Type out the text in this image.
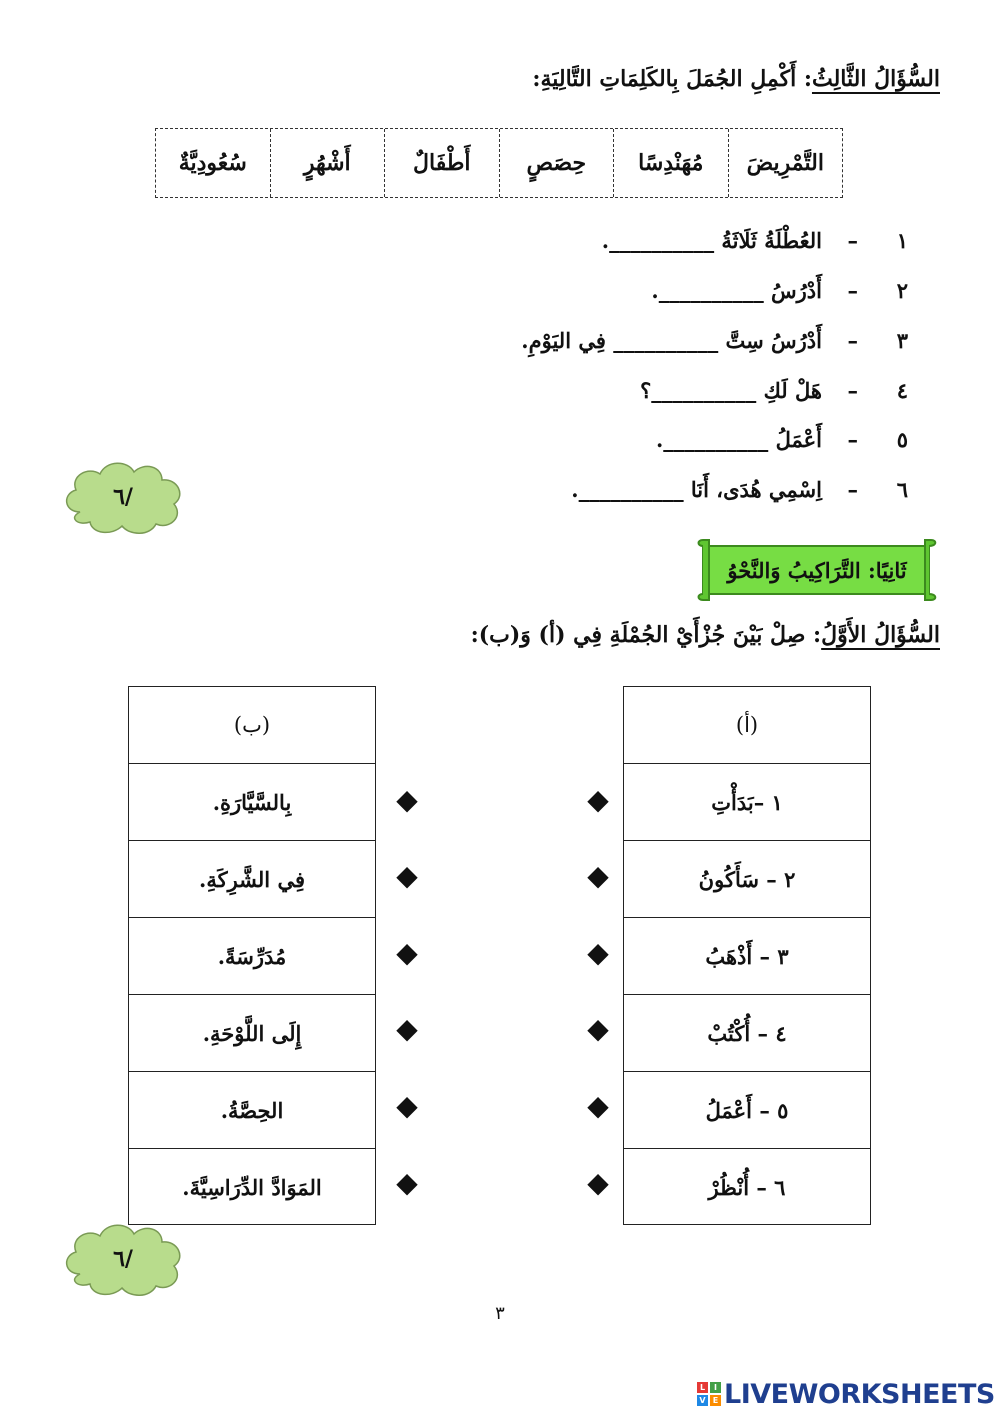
السُّؤَالُ الثَّالِثُ: أَكْمِلِ الجُمَلَ بِالكَلِمَاتِ التَّالِيَةِ:
التَّمْرِيضَ
مُهَنْدِسًا
حِصَصٍ
أَطْفَالٌ
أَشْهُرٍ
سُعُودِيَّةٌ
١
–
العُطْلَةُ ثَلَاثَةُ __________.
٢
–
أَدْرُسُ __________.
٣
–
أَدْرُسُ سِتَّ __________ فِي اليَوْمِ.
٤
–
هَلْ لَكِ __________؟
٥
–
أَعْمَلُ __________.
٦
–
اِسْمِي هُدَى، أَنَا __________.
٦/
ثَانِيًا: التَّرَاكِيبُ وَالنَّحْوُ
السُّؤَالُ الأَوَّلُ: صِلْ بَيْنَ جُزْأَيْ الجُمْلَةِ فِي (أ) وَ(ب):
(ب)
بِالسَّيَّارَةِ.
فِي الشَّرِكَةِ.
مُدَرِّسَةً.
إِلَى اللَّوْحَةِ.
الحِصَّةُ.
المَوَادَّ الدِّرَاسِيَّةَ.
(أ)
١ –بَدَأْتِ
٢ – سَأَكُونُ
٣ – أَذْهَبُ
٤ – أُكْتُبْ
٥ – أَعْمَلُ
٦ – أُنْظُرْ
◆
◆
◆
◆
◆
◆
◆
◆
◆
◆
◆
◆
٦/
٣
L	I
V E LIVEWORKSHEETS
